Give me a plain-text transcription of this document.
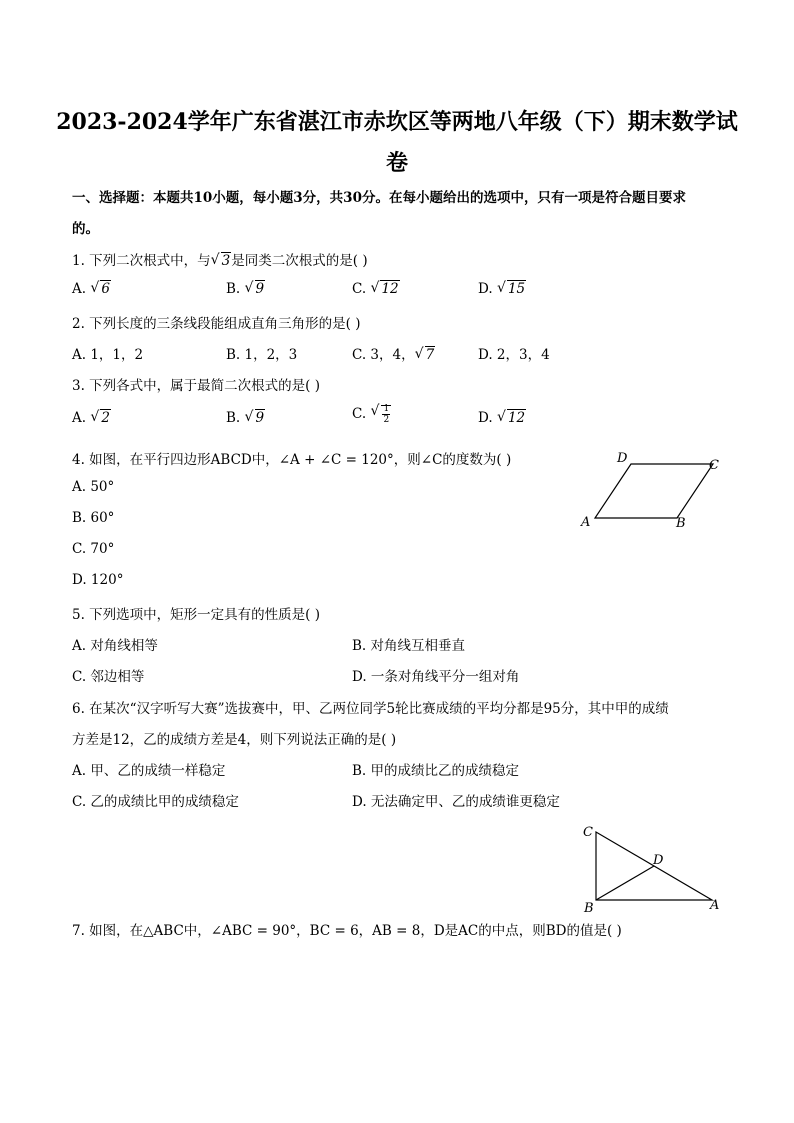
2023-2024学年广东省湛江市赤坎区等两地八年级（下）期末数学试
卷
一、选择题：本题共10小题，每小题3分，共30分。在每小题给出的选项中，只有一项是符合题目要求
的。
1. 下列二次根式中，与 √ 3是同类二次根式的是( )
A. √ 6	B. √ 9	C. √ 12	D. √ 15
2. 下列长度的三条线段能组成直角三角形的是( )
A. 1，1，2	B. 1，2，3	C. 3，4， √ 7	D. 2，3，4
3. 下列各式中，属于最简二次根式的是( )
A. √ 2	B. √ 9	C. √ $\frac{1}{2}$	D. √ 12
4. 如图，在平行四边形ABCD中，∠A + ∠C = 120°，则∠C的度数为( )
A. 50°
B. 60°
C. 70°
D. 120°
A	B
C
D
5. 下列选项中，矩形一定具有的性质是( )
A. 对角线相等	B. 对角线互相垂直
C. 邻边相等	D. 一条对角线平分一组对角
6. 在某次“汉字听写大赛”选拔赛中，甲、乙两位同学5轮比赛成绩的平均分都是95分，其中甲的成绩
方差是12，乙的成绩方差是4，则下列说法正确的是( )
A. 甲、乙的成绩一样稳定	B. 甲的成绩比乙的成绩稳定
C. 乙的成绩比甲的成绩稳定	D. 无法确定甲、乙的成绩谁更稳定
C
B	A
D
7. 如图，在△ABC中，∠ABC = 90°，BC = 6，AB = 8，D是AC的中点，则BD的值是( )
